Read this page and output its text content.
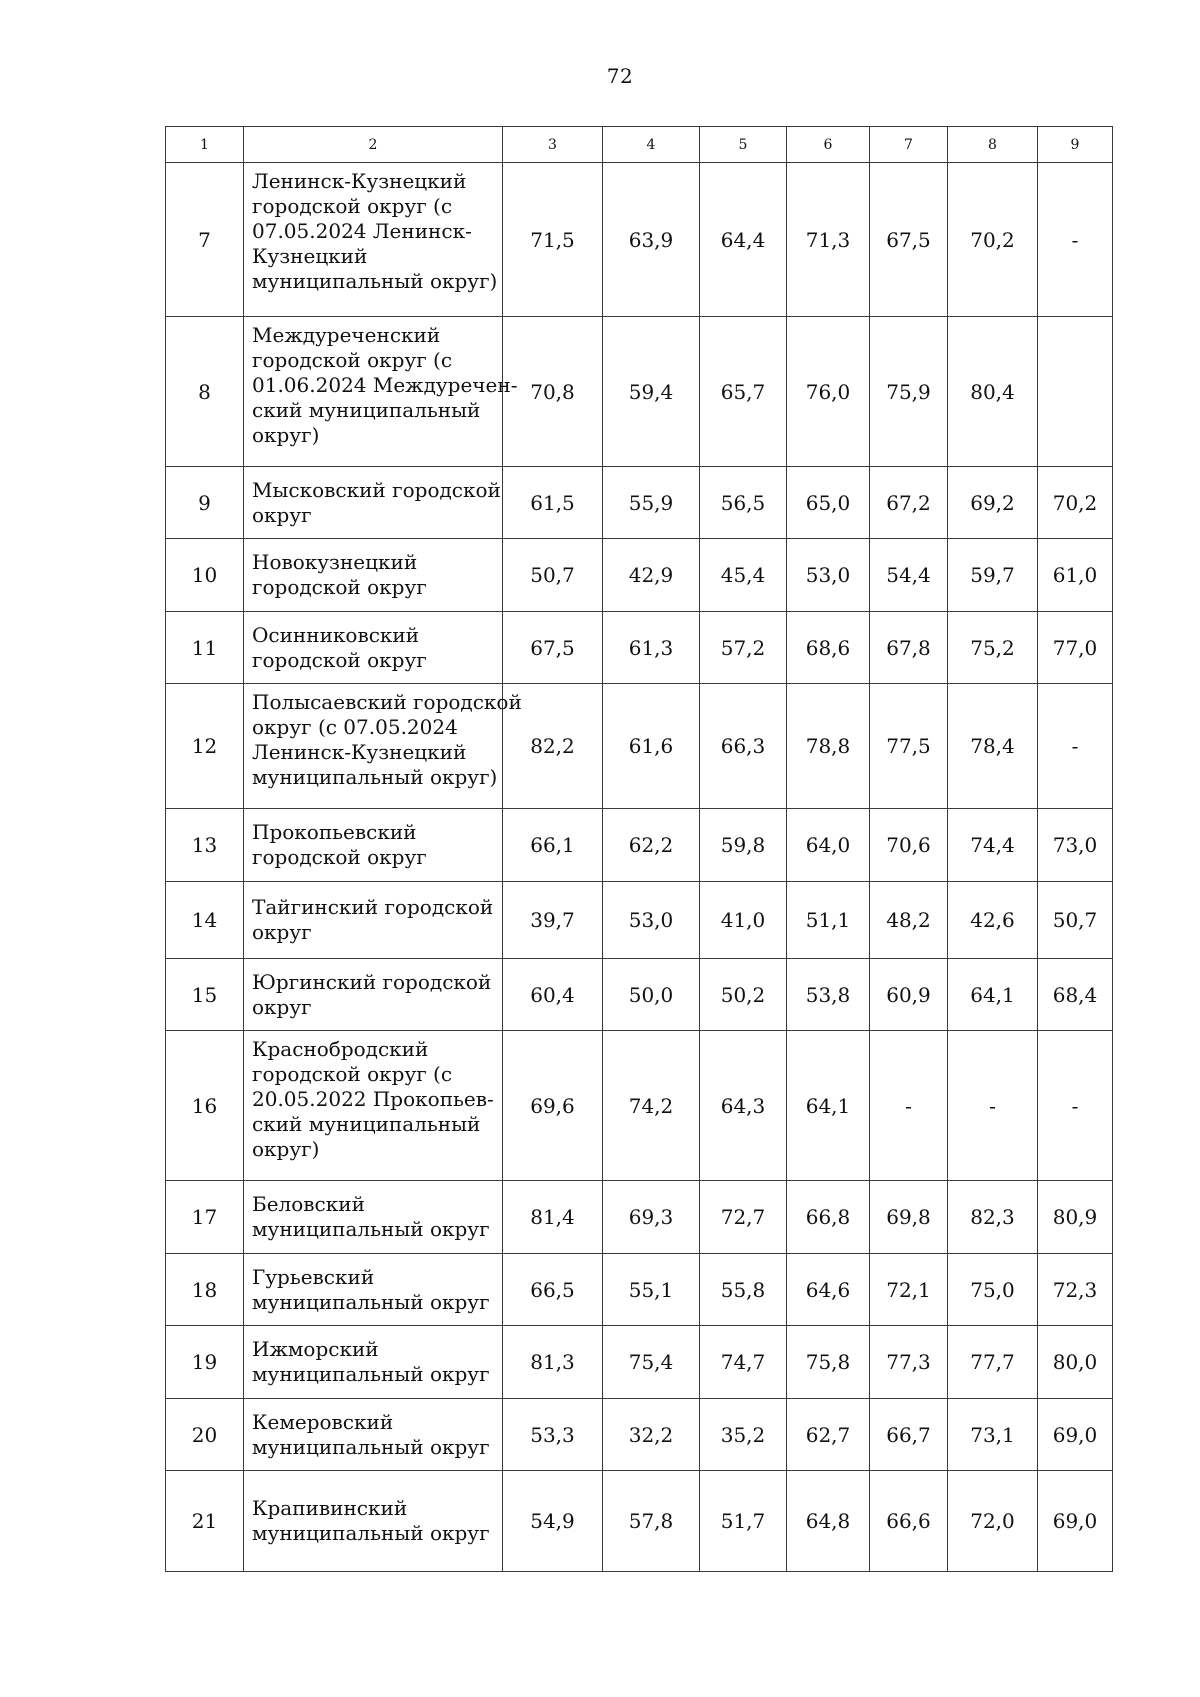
72
1	2	3	4	5	6	7	8	9
7	Ленинск-Кузнецкий
городской округ (с
07.05.2024 Ленинск-
Кузнецкий
муниципальный округ)	71,5	63,9	64,4	71,3	67,5	70,2	-
8	Междуреченский
городской округ (с
01.06.2024 Междуречен-
ский муниципальный
округ)	70,8	59,4	65,7	76,0	75,9	80,4	
9	Мысковский городской
округ	61,5	55,9	56,5	65,0	67,2	69,2	70,2
10	Новокузнецкий
городской округ	50,7	42,9	45,4	53,0	54,4	59,7	61,0
11	Осинниковский
городской округ	67,5	61,3	57,2	68,6	67,8	75,2	77,0
12	Полысаевский городской
округ (с 07.05.2024
Ленинск-Кузнецкий
муниципальный округ)	82,2	61,6	66,3	78,8	77,5	78,4	-
13	Прокопьевский
городской округ	66,1	62,2	59,8	64,0	70,6	74,4	73,0
14	Тайгинский городской
округ	39,7	53,0	41,0	51,1	48,2	42,6	50,7
15	Юргинский городской
округ	60,4	50,0	50,2	53,8	60,9	64,1	68,4
16	Краснобродский
городской округ (с
20.05.2022 Прокопьев-
ский муниципальный
округ)	69,6	74,2	64,3	64,1	-	-	-
17	Беловский
муниципальный округ	81,4	69,3	72,7	66,8	69,8	82,3	80,9
18	Гурьевский
муниципальный округ	66,5	55,1	55,8	64,6	72,1	75,0	72,3
19	Ижморский
муниципальный округ	81,3	75,4	74,7	75,8	77,3	77,7	80,0
20	Кемеровский
муниципальный округ	53,3	32,2	35,2	62,7	66,7	73,1	69,0
21	Крапивинский
муниципальный округ	54,9	57,8	51,7	64,8	66,6	72,0	69,0
